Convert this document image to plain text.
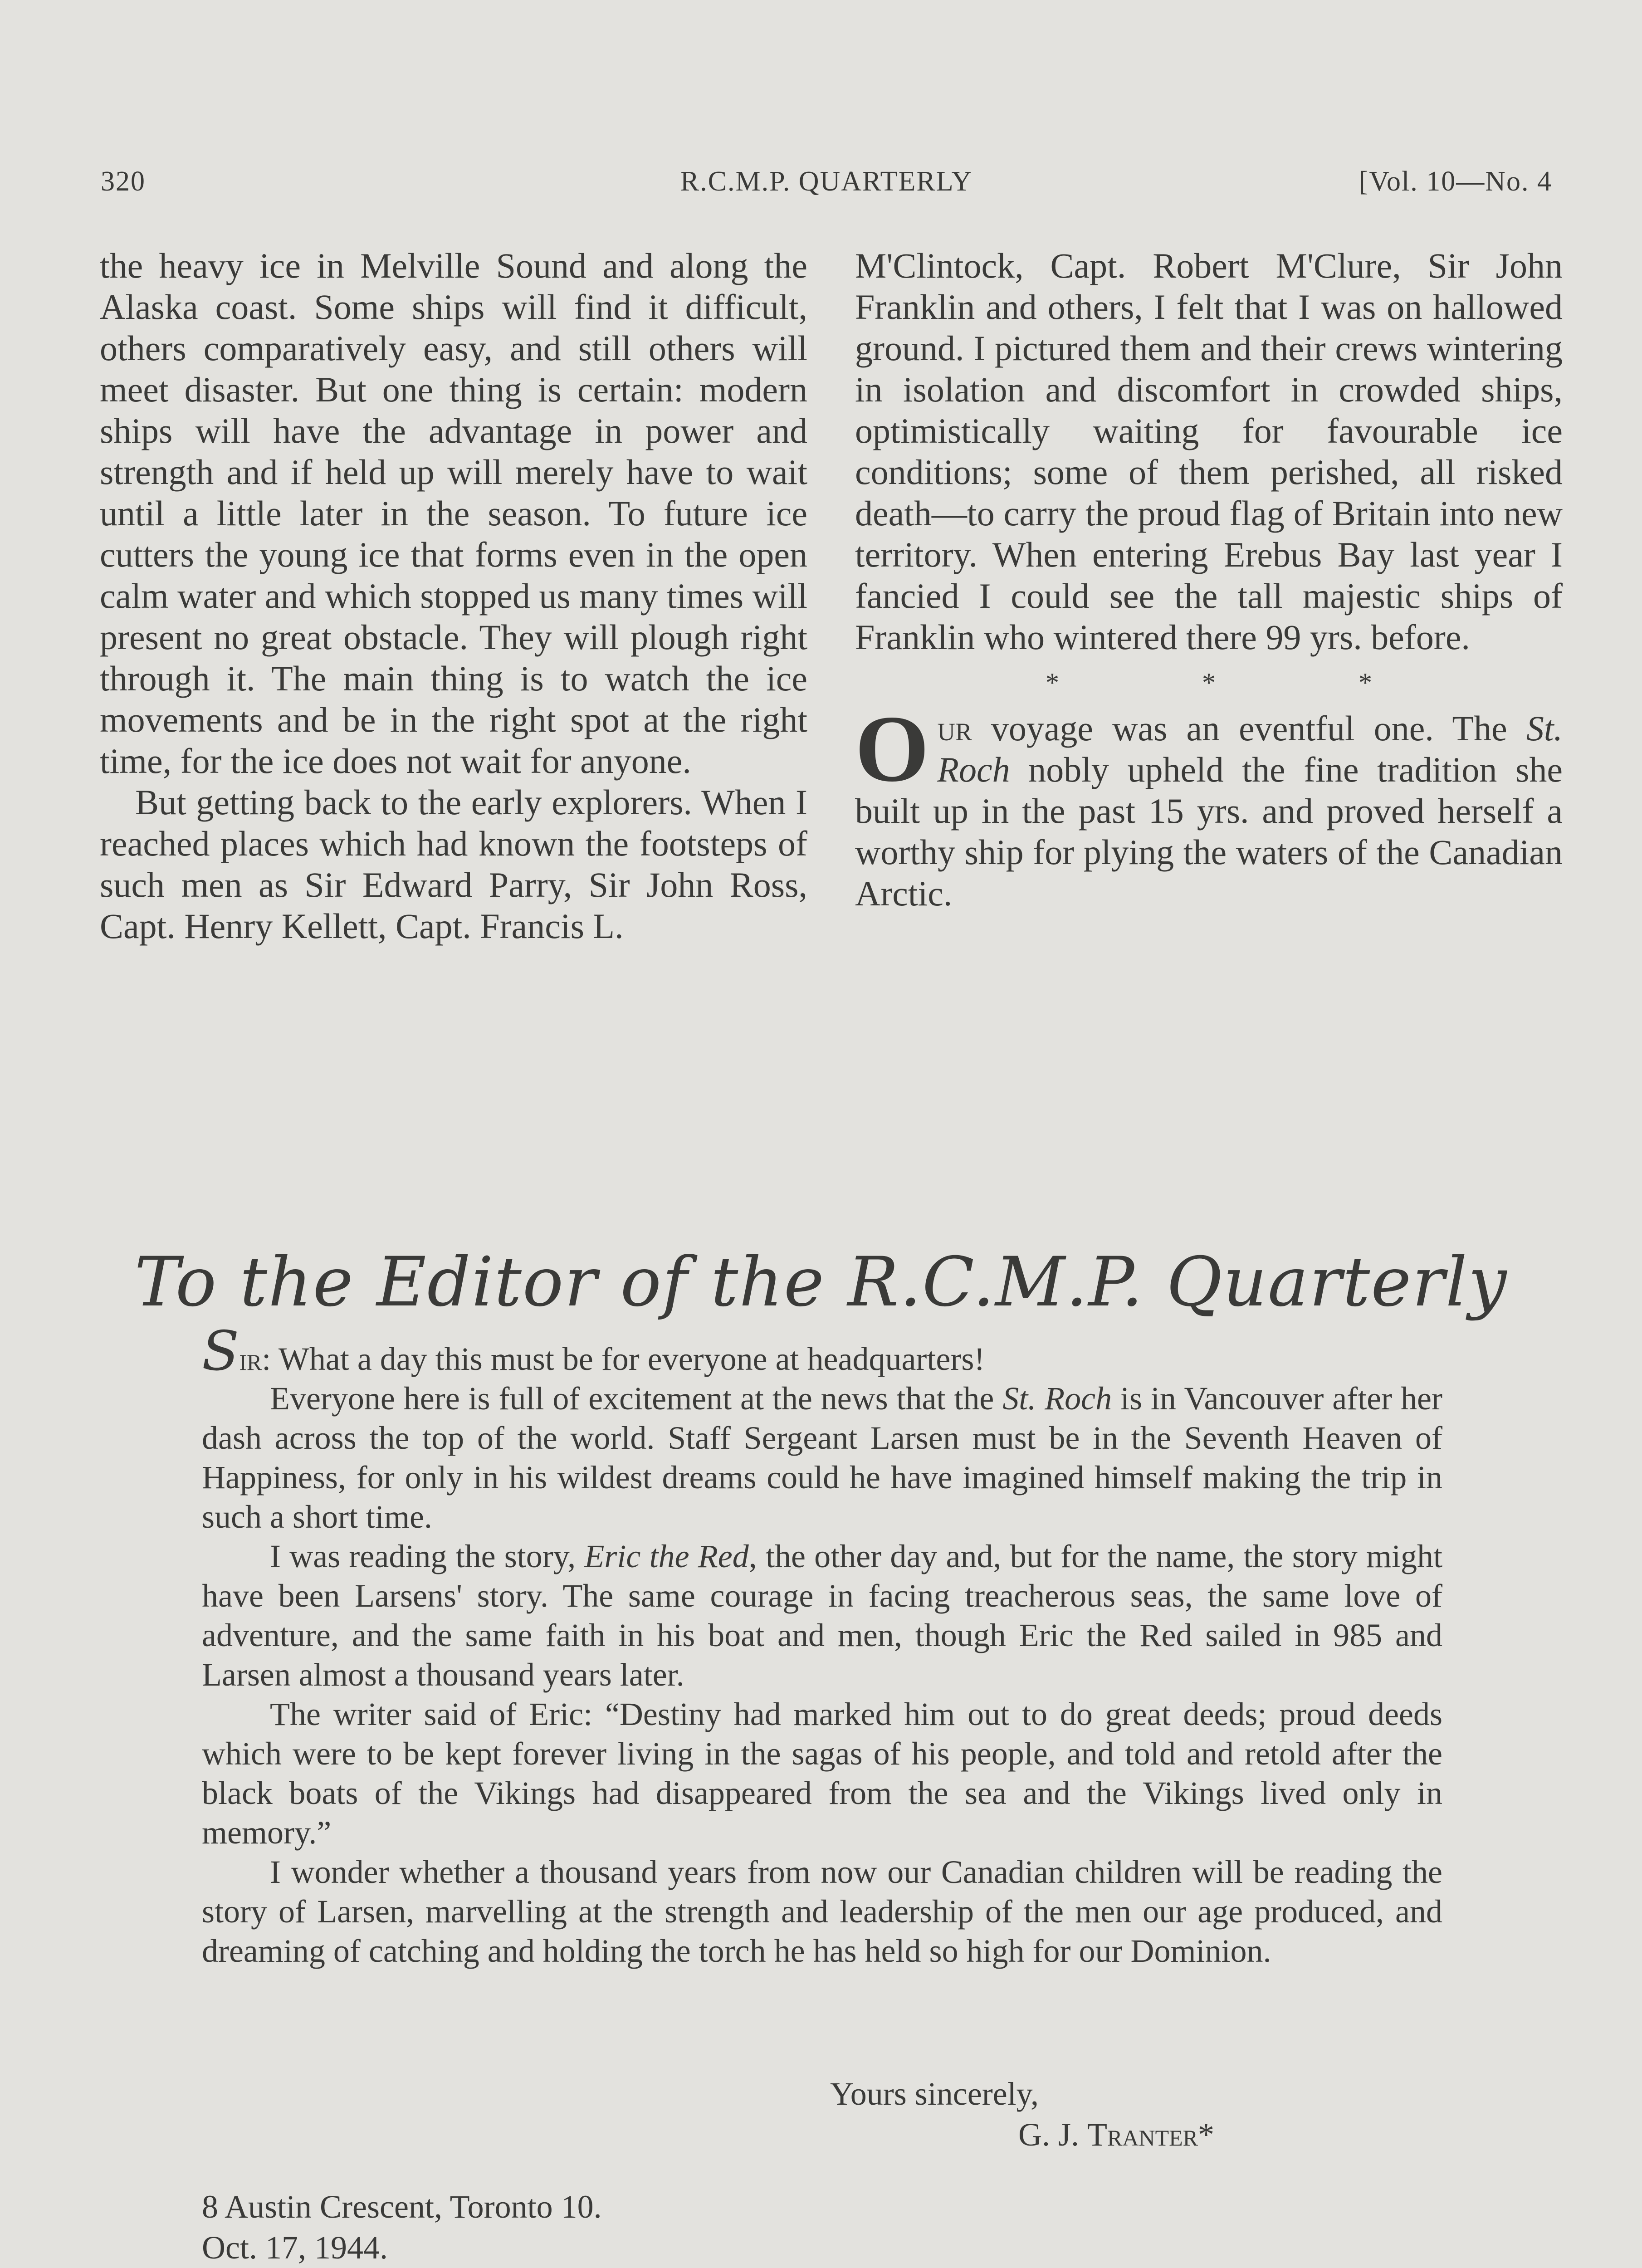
320	R.C.M.P. QUARTERLY	[Vol. 10—No. 4

the heavy ice in Melville Sound and along the Alaska coast. Some ships will find it difficult, others comparatively easy, and still others will meet disaster. But one thing is certain: modern ships will have the advantage in power and strength and if held up will merely have to wait until a little later in the season. To future ice cutters the young ice that forms even in the open calm water and which stopped us many times will present no great obstacle. They will plough right through it. The main thing is to watch the ice movements and be in the right spot at the right time, for the ice does not wait for anyone.

But getting back to the early explorers. When I reached places which had known the footsteps of such men as Sir Edward Parry, Sir John Ross, Capt. Henry Kellett, Capt. Francis L.

M'Clintock, Capt. Robert M'Clure, Sir John Franklin and others, I felt that I was on hallowed ground. I pictured them and their crews wintering in isolation and discomfort in crowded ships, optimistically waiting for favourable ice conditions; some of them perished, all risked death—to carry the proud flag of Britain into new territory. When entering Erebus Bay last year I fancied I could see the tall majestic ships of Franklin who wintered there 99 yrs. before.

* * *

Our voyage was an eventful one. The St. Roch nobly upheld the fine tradition she built up in the past 15 yrs. and proved herself a worthy ship for plying the waters of the Canadian Arctic.

To the Editor of the R.C.M.P. Quarterly

Sir: What a day this must be for everyone at headquarters!

Everyone here is full of excitement at the news that the St. Roch is in Vancouver after her dash across the top of the world. Staff Sergeant Larsen must be in the Seventh Heaven of Happiness, for only in his wildest dreams could he have imagined himself making the trip in such a short time.

I was reading the story, Eric the Red, the other day and, but for the name, the story might have been Larsens' story. The same courage in facing treacherous seas, the same love of adventure, and the same faith in his boat and men, though Eric the Red sailed in 985 and Larsen almost a thousand years later.

The writer said of Eric: “Destiny had marked him out to do great deeds; proud deeds which were to be kept forever living in the sagas of his people, and told and retold after the black boats of the Vikings had disappeared from the sea and the Vikings lived only in memory.”

I wonder whether a thousand years from now our Canadian children will be reading the story of Larsen, marvelling at the strength and leadership of the men our age produced, and dreaming of catching and holding the torch he has held so high for our Dominion.

Yours sincerely,
G. J. Tranter*
8 Austin Crescent, Toronto 10.
Oct. 17, 1944.
